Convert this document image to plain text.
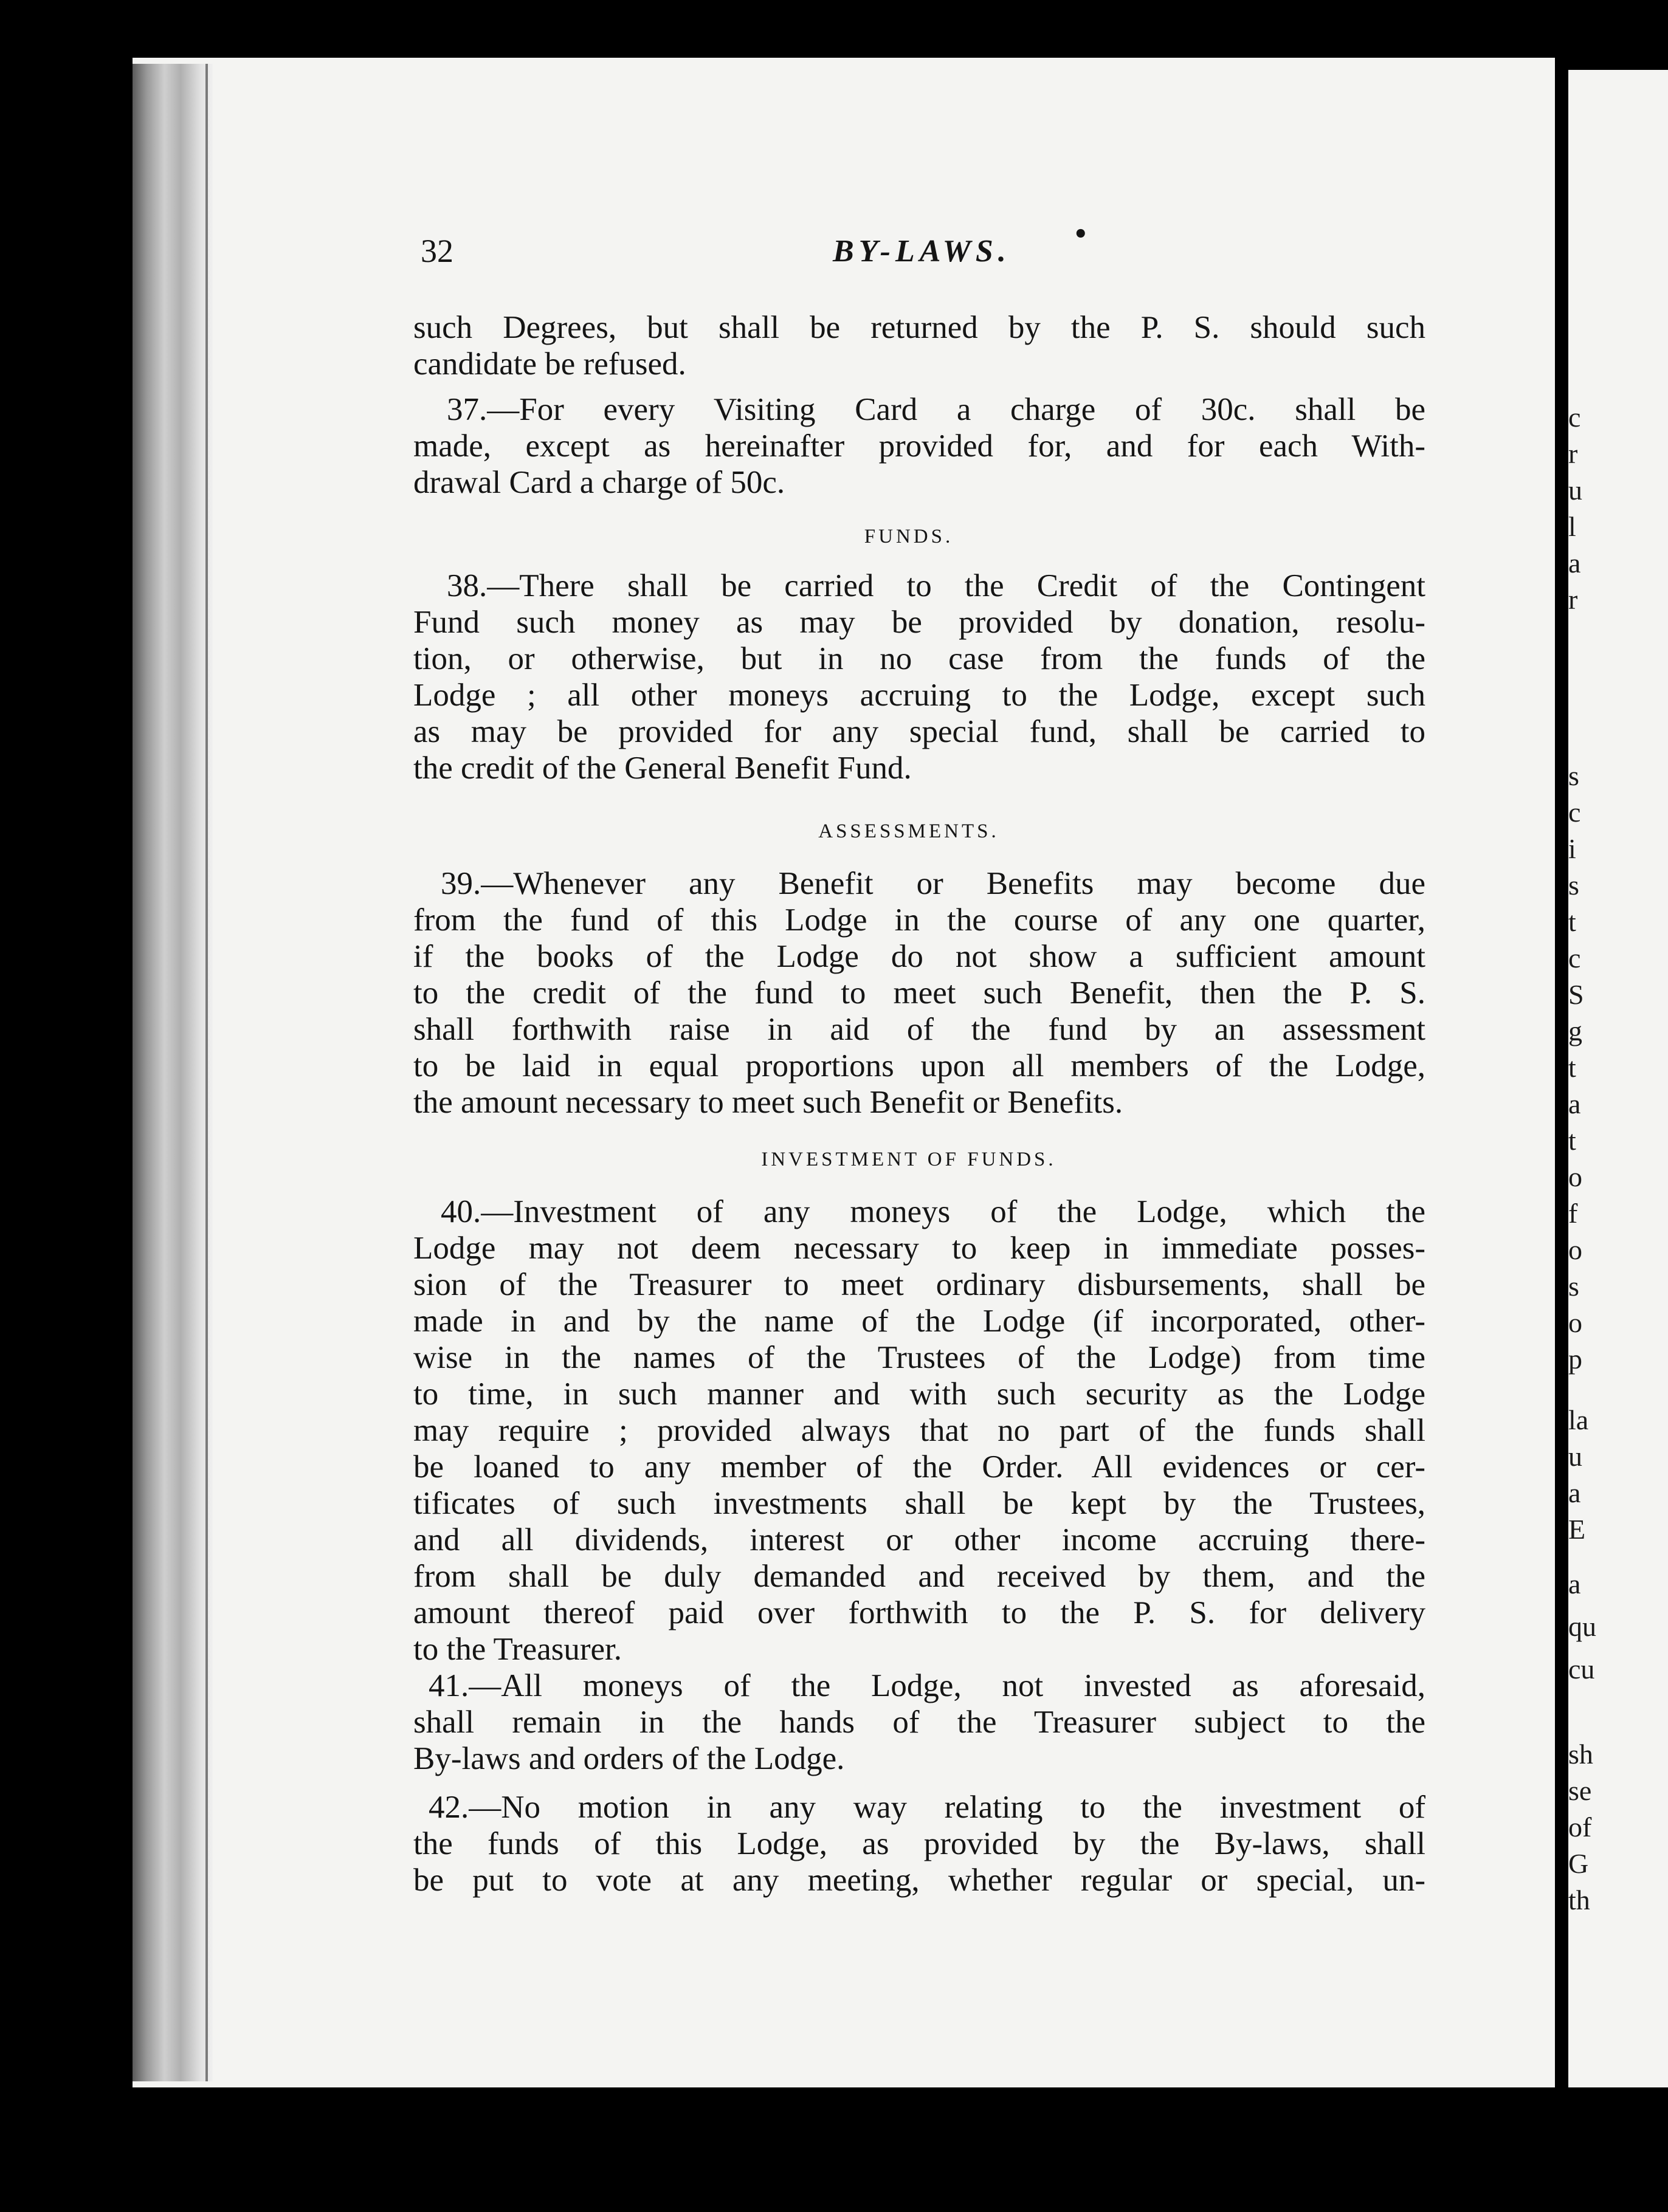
c
r
u
l
a
r
s
c
i
s
t
c
S
g
t
a
t
o
f
o
s
o
p
la
u
a
E
a
qu
cu
sh
se
of
G
th
32	BY-LAWS.	•
FUNDS.
ASSESSMENTS.
INVESTMENT OF FUNDS.
such Degrees, but shall be returned by the P. S. should such
candidate be refused.
37.—For every Visiting Card a charge of 30c. shall be
made, except as hereinafter provided for, and for each With-
drawal Card a charge of 50c.
38.—There shall be carried to the Credit of the Contingent
Fund such money as may be provided by donation, resolu-
tion, or otherwise, but in no case from the funds of the
Lodge ; all other moneys accruing to the Lodge, except such
as may be provided for any special fund, shall be carried to
the credit of the General Benefit Fund.
39.—Whenever any Benefit or Benefits may become due
from the fund of this Lodge in the course of any one quarter,
if the books of the Lodge do not show a sufficient amount
to the credit of the fund to meet such Benefit, then the P. S.
shall forthwith raise in aid of the fund by an assessment
to be laid in equal proportions upon all members of the Lodge,
the amount necessary to meet such Benefit or Benefits.
40.—Investment of any moneys of the Lodge, which the
Lodge may not deem necessary to keep in immediate posses-
sion of the Treasurer to meet ordinary disbursements, shall be
made in and by the name of the Lodge (if incorporated, other-
wise in the names of the Trustees of the Lodge) from time
to time, in such manner and with such security as the Lodge
may require ; provided always that no part of the funds shall
be loaned to any member of the Order. All evidences or cer-
tificates of such investments shall be kept by the Trustees,
and all dividends, interest or other income accruing there-
from shall be duly demanded and received by them, and the
amount thereof paid over forthwith to the P. S. for delivery
to the Treasurer.
41.—All moneys of the Lodge, not invested as aforesaid,
shall remain in the hands of the Treasurer subject to the
By-laws and orders of the Lodge.
42.—No motion in any way relating to the investment of
the funds of this Lodge, as provided by the By-laws, shall
be put to vote at any meeting, whether regular or special, un-
